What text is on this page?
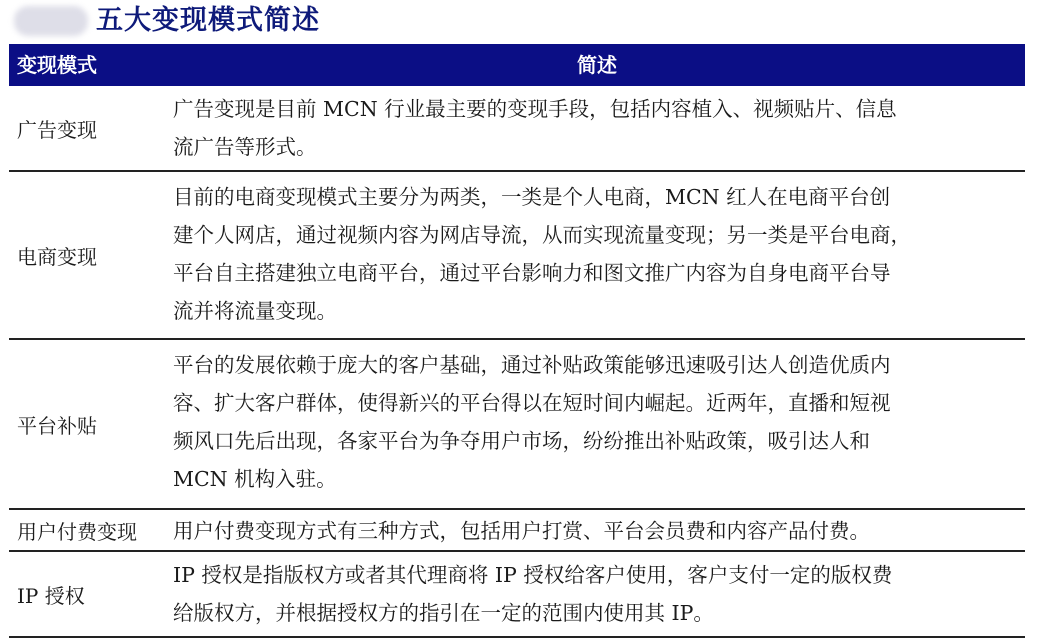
五大变现模式简述
变现模式	简述
广告变现
广告变现是目前 MCN 行业最主要的变现手段，包括内容植入、视频贴片、信息
流广告等形式。
电商变现
目前的电商变现模式主要分为两类，一类是个人电商，MCN 红人在电商平台创
建个人网店，通过视频内容为网店导流，从而实现流量变现；另一类是平台电商，
平台自主搭建独立电商平台，通过平台影响力和图文推广内容为自身电商平台导
流并将流量变现。
平台补贴
平台的发展依赖于庞大的客户基础，通过补贴政策能够迅速吸引达人创造优质内
容、扩大客户群体，使得新兴的平台得以在短时间内崛起。近两年，直播和短视
频风口先后出现，各家平台为争夺用户市场，纷纷推出补贴政策，吸引达人和
MCN 机构入驻。
用户付费变现 用户付费变现方式有三种方式，包括用户打赏、平台会员费和内容产品付费。
IP 授权
IP 授权是指版权方或者其代理商将 IP 授权给客户使用，客户支付一定的版权费
给版权方，并根据授权方的指引在一定的范围内使用其 IP。
